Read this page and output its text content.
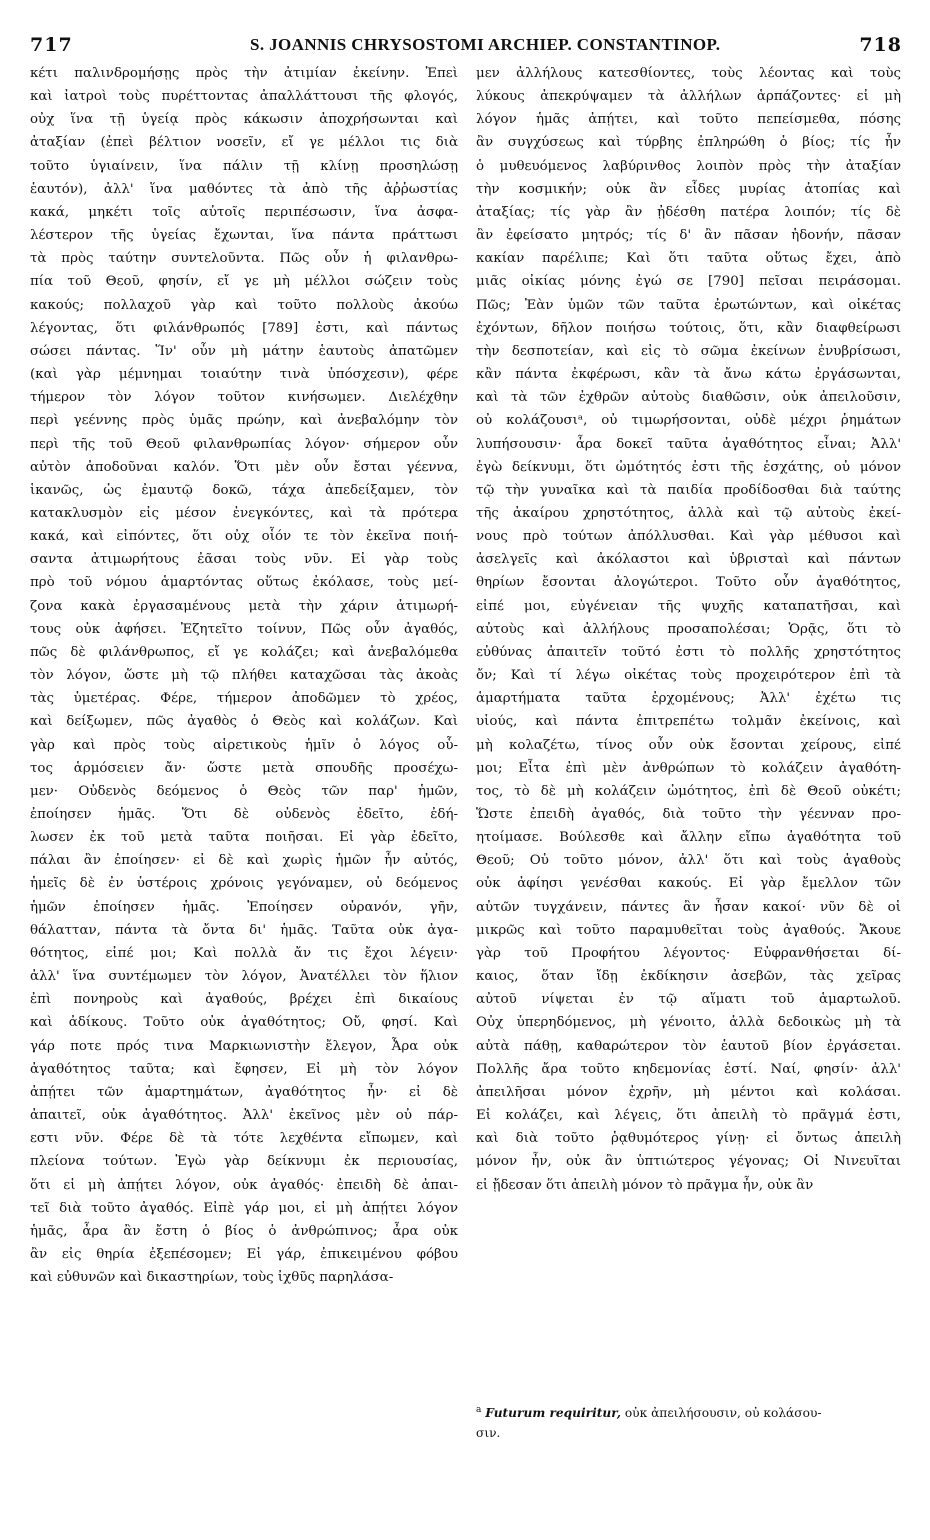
717	S. JOANNIS CHRYSOSTOMI ARCHIEP. CONSTANTINOP.	718

κέτι παλινδρομήσῃς πρὸς τὴν ἀτιμίαν ἐκείνην. Ἐπεὶ

καὶ ἰατροὶ τοὺς πυρέττοντας ἀπαλλάττουσι τῆς φλογός,

οὐχ ἵνα τῇ ὑγείᾳ πρὸς κάκωσιν ἀποχρήσωνται καὶ

ἀταξίαν (ἐπεὶ βέλτιον νοσεῖν, εἴ γε μέλλοι τις διὰ

τοῦτο ὑγιαίνειν, ἵνα πάλιν τῇ κλίνῃ προσηλώσῃ

ἑαυτόν), ἀλλ' ἵνα μαθόντες τὰ ἀπὸ τῆς ἀῤῥωστίας

κακά, μηκέτι τοῖς αὐτοῖς περιπέσωσιν, ἵνα ἀσφα-

λέστερον τῆς ὑγείας ἔχωνται, ἵνα πάντα πράττωσι

τὰ πρὸς ταύτην συντελοῦντα. Πῶς οὖν ἡ φιλανθρω-

πία τοῦ Θεοῦ, φησίν, εἴ γε μὴ μέλλοι σώζειν τοὺς

κακούς; πολλαχοῦ γὰρ καὶ τοῦτο πολλοὺς ἀκούω

λέγοντας, ὅτι φιλάνθρωπός [789] ἐστι, καὶ πάντως

σώσει πάντας. Ἵν' οὖν μὴ μάτην ἑαυτοὺς ἀπατῶμεν

(καὶ γὰρ μέμνημαι τοιαύτην τινὰ ὑπόσχεσιν), φέρε

τήμερον τὸν λόγον τοῦτον κινήσωμεν. Διελέχθην

περὶ γεέννης πρὸς ὑμᾶς πρώην, καὶ ἀνεβαλόμην τὸν

περὶ τῆς τοῦ Θεοῦ φιλανθρωπίας λόγον· σήμερον οὖν

αὐτὸν ἀποδοῦναι καλόν. Ὅτι μὲν οὖν ἔσται γέεννα,

ἱκανῶς, ὡς ἐμαυτῷ δοκῶ, τάχα ἀπεδείξαμεν, τὸν

κατακλυσμὸν εἰς μέσον ἐνεγκόντες, καὶ τὰ πρότερα

κακά, καὶ εἰπόντες, ὅτι οὐχ οἷόν τε τὸν ἐκεῖνα ποιή-

σαντα ἀτιμωρήτους ἐᾶσαι τοὺς νῦν. Εἰ γὰρ τοὺς

πρὸ τοῦ νόμου ἁμαρτόντας οὕτως ἐκόλασε, τοὺς μεί-

ζονα κακὰ ἐργασαμένους μετὰ τὴν χάριν ἀτιμωρή-

τους οὐκ ἀφήσει. Ἐζητεῖτο τοίνυν, Πῶς οὖν ἀγαθός,

πῶς δὲ φιλάνθρωπος, εἴ γε κολάζει; καὶ ἀνεβαλόμεθα

τὸν λόγον, ὥστε μὴ τῷ πλήθει καταχῶσαι τὰς ἀκοὰς

τὰς ὑμετέρας. Φέρε, τήμερον ἀποδῶμεν τὸ χρέος,

καὶ δείξωμεν, πῶς ἀγαθὸς ὁ Θεὸς καὶ κολάζων. Καὶ

γὰρ καὶ πρὸς τοὺς αἱρετικοὺς ἡμῖν ὁ λόγος οὗ-

τος ἁρμόσειεν ἄν· ὥστε μετὰ σπουδῆς προσέχω-

μεν· Οὐδενὸς δεόμενος ὁ Θεὸς τῶν παρ' ἡμῶν,

ἐποίησεν ἡμᾶς. Ὅτι δὲ οὐδενὸς ἐδεῖτο, ἐδή-

λωσεν ἐκ τοῦ μετὰ ταῦτα ποιῆσαι. Εἰ γὰρ ἐδεῖτο,

πάλαι ἂν ἐποίησεν· εἰ δὲ καὶ χωρὶς ἡμῶν ἦν αὐτός,

ἡμεῖς δὲ ἐν ὑστέροις χρόνοις γεγόναμεν, οὐ δεόμενος

ἡμῶν ἐποίησεν ἡμᾶς. Ἐποίησεν οὐρανόν, γῆν,

θάλατταν, πάντα τὰ ὄντα δι' ἡμᾶς. Ταῦτα οὐκ ἀγα-

θότητος, εἰπέ μοι; Καὶ πολλὰ ἄν τις ἔχοι λέγειν·

ἀλλ' ἵνα συντέμωμεν τὸν λόγον, Ἀνατέλλει τὸν ἥλιον

ἐπὶ πονηροὺς καὶ ἀγαθούς, βρέχει ἐπὶ δικαίους

καὶ ἀδίκους. Τοῦτο οὐκ ἀγαθότητος; Οὔ, φησί. Καὶ

γάρ ποτε πρός τινα Μαρκιωνιστὴν ἔλεγον, Ἆρα οὐκ

ἀγαθότητος ταῦτα; καὶ ἔφησεν, Εἰ μὴ τὸν λόγον

ἀπῄτει τῶν ἁμαρτημάτων, ἀγαθότητος ἦν· εἰ δὲ

ἀπαιτεῖ, οὐκ ἀγαθότητος. Ἀλλ' ἐκεῖνος μὲν οὐ πάρ-

εστι νῦν. Φέρε δὲ τὰ τότε λεχθέντα εἴπωμεν, καὶ

πλείονα τούτων. Ἐγὼ γὰρ δείκνυμι ἐκ περιουσίας,

ὅτι εἰ μὴ ἀπῄτει λόγον, οὐκ ἀγαθός· ἐπειδὴ δὲ ἀπαι-

τεῖ διὰ τοῦτο ἀγαθός. Εἰπὲ γάρ μοι, εἰ μὴ ἀπῄτει λόγον

ἡμᾶς, ἆρα ἂν ἔστη ὁ βίος ὁ ἀνθρώπινος; ἆρα οὐκ

ἂν εἰς θηρία ἐξεπέσομεν; Εἰ γάρ, ἐπικειμένου φόβου

καὶ εὐθυνῶν καὶ δικαστηρίων, τοὺς ἰχθῦς παρηλάσα-

μεν ἀλλήλους κατεσθίοντες, τοὺς λέοντας καὶ τοὺς

λύκους ἀπεκρύψαμεν τὰ ἀλλήλων ἁρπάζοντες· εἰ μὴ

λόγον ἡμᾶς ἀπῄτει, καὶ τοῦτο πεπείσμεθα, πόσης

ἂν συγχύσεως καὶ τύρβης ἐπληρώθη ὁ βίος; τίς ἦν

ὁ μυθευόμενος λαβύρινθος λοιπὸν πρὸς τὴν ἀταξίαν

τὴν κοσμικήν; οὐκ ἂν εἶδες μυρίας ἀτοπίας καὶ

ἀταξίας; τίς γὰρ ἂν ᾐδέσθη πατέρα λοιπόν; τίς δὲ

ἂν ἐφείσατο μητρός; τίς δ' ἂν πᾶσαν ἡδονήν, πᾶσαν

κακίαν παρέλιπε; Καὶ ὅτι ταῦτα οὕτως ἔχει, ἀπὸ

μιᾶς οἰκίας μόνης ἐγώ σε [790] πεῖσαι πειράσομαι.

Πῶς; Ἐὰν ὑμῶν τῶν ταῦτα ἐρωτώντων, καὶ οἰκέτας

ἐχόντων, δῆλον ποιήσω τούτοις, ὅτι, κἂν διαφθείρωσι

τὴν δεσποτείαν, καὶ εἰς τὸ σῶμα ἐκείνων ἐνυβρίσωσι,

κἂν πάντα ἐκφέρωσι, κἂν τὰ ἄνω κάτω ἐργάσωνται,

καὶ τὰ τῶν ἐχθρῶν αὐτοὺς διαθῶσιν, οὐκ ἀπειλοῦσιν,

οὐ κολάζουσιᵃ, οὐ τιμωρήσονται, οὐδὲ μέχρι ῥημάτων

λυπήσουσιν· ἆρα δοκεῖ ταῦτα ἀγαθότητος εἶναι; Ἀλλ'

ἐγὼ δείκνυμι, ὅτι ὠμότητός ἐστι τῆς ἐσχάτης, οὐ μόνον

τῷ τὴν γυναῖκα καὶ τὰ παιδία προδίδοσθαι διὰ ταύτης

τῆς ἀκαίρου χρηστότητος, ἀλλὰ καὶ τῷ αὐτοὺς ἐκεί-

νους πρὸ τούτων ἀπόλλυσθαι. Καὶ γὰρ μέθυσοι καὶ

ἀσελγεῖς καὶ ἀκόλαστοι καὶ ὑβρισταὶ καὶ πάντων

θηρίων ἔσονται ἀλογώτεροι. Τοῦτο οὖν ἀγαθότητος,

εἰπέ μοι, εὐγένειαν τῆς ψυχῆς καταπατῆσαι, καὶ

αὐτοὺς καὶ ἀλλήλους προσαπολέσαι; Ὁρᾷς, ὅτι τὸ

εὐθύνας ἀπαιτεῖν τοῦτό ἐστι τὸ πολλῆς χρηστότητος

ὄν; Καὶ τί λέγω οἰκέτας τοὺς προχειρότερον ἐπὶ τὰ

ἁμαρτήματα ταῦτα ἐρχομένους; Ἀλλ' ἐχέτω τις

υἱούς, καὶ πάντα ἐπιτρεπέτω τολμᾶν ἐκείνοις, καὶ

μὴ κολαζέτω, τίνος οὖν οὐκ ἔσονται χείρους, εἰπέ

μοι; Εἶτα ἐπὶ μὲν ἀνθρώπων τὸ κολάζειν ἀγαθότη-

τος, τὸ δὲ μὴ κολάζειν ὠμότητος, ἐπὶ δὲ Θεοῦ οὐκέτι;

Ὥστε ἐπειδὴ ἀγαθός, διὰ τοῦτο τὴν γέενναν προ-

ητοίμασε. Βούλεσθε καὶ ἄλλην εἴπω ἀγαθότητα τοῦ

Θεοῦ; Οὐ τοῦτο μόνον, ἀλλ' ὅτι καὶ τοὺς ἀγαθοὺς

οὐκ ἀφίησι γενέσθαι κακούς. Εἰ γὰρ ἔμελλον τῶν

αὐτῶν τυγχάνειν, πάντες ἂν ἦσαν κακοί· νῦν δὲ οἱ

μικρῶς καὶ τοῦτο παραμυθεῖται τοὺς ἀγαθούς. Ἄκουε

γὰρ τοῦ Προφήτου λέγοντος· Εὐφρανθήσεται δί-

καιος, ὅταν ἴδῃ ἐκδίκησιν ἀσεβῶν, τὰς χεῖρας

αὐτοῦ νίψεται ἐν τῷ αἵματι τοῦ ἁμαρτωλοῦ.

Οὐχ ὑπερηδόμενος, μὴ γένοιτο, ἀλλὰ δεδοικὼς μὴ τὰ

αὐτὰ πάθῃ, καθαρώτερον τὸν ἑαυτοῦ βίον ἐργάσεται.

Πολλῆς ἄρα τοῦτο κηδεμονίας ἐστί. Ναί, φησίν· ἀλλ'

ἀπειλῆσαι μόνον ἐχρῆν, μὴ μέντοι καὶ κολάσαι.

Εἰ κολάζει, καὶ λέγεις, ὅτι ἀπειλὴ τὸ πρᾶγμά ἐστι,

καὶ διὰ τοῦτο ῥᾳθυμότερος γίνῃ· εἰ ὄντως ἀπειλὴ

μόνον ἦν, οὐκ ἂν ὑπτιώτερος γέγονας; Οἱ Νινευῖται

εἰ ᾔδεσαν ὅτι ἀπειλὴ μόνον τὸ πρᾶγμα ἦν, οὐκ ἂν

$^a$ Futurum requiritur, οὐκ ἀπειλήσουσιν, οὐ κολάσου-

σιν.
